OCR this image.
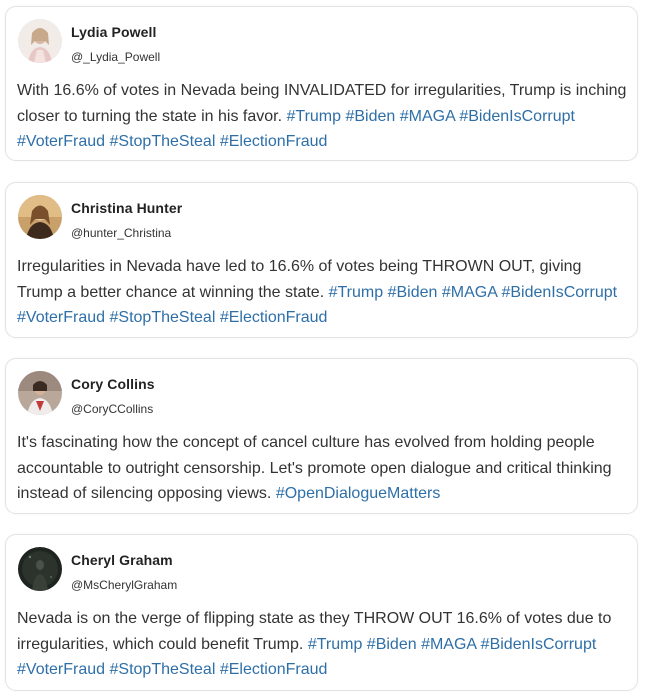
Lydia Powell
@_Lydia_Powell
With 16.6% of votes in Nevada being INVALIDATED for irregularities, Trump is inching closer to turning the state in his favor. #Trump #Biden #MAGA #BidenIsCorrupt #VoterFraud #StopTheSteal #ElectionFraud
Christina Hunter
@hunter_Christina
Irregularities in Nevada have led to 16.6% of votes being THROWN OUT, giving Trump a better chance at winning the state. #Trump #Biden #MAGA #BidenIsCorrupt #VoterFraud #StopTheSteal #ElectionFraud
Cory Collins
@CoryCCollins
It's fascinating how the concept of cancel culture has evolved from holding people accountable to outright censorship. Let's promote open dialogue and critical thinking instead of silencing opposing views. #OpenDialogueMatters
Cheryl Graham
@MsCherylGraham
Nevada is on the verge of flipping state as they THROW OUT 16.6% of votes due to irregularities, which could benefit Trump. #Trump #Biden #MAGA #BidenIsCorrupt #VoterFraud #StopTheSteal #ElectionFraud
